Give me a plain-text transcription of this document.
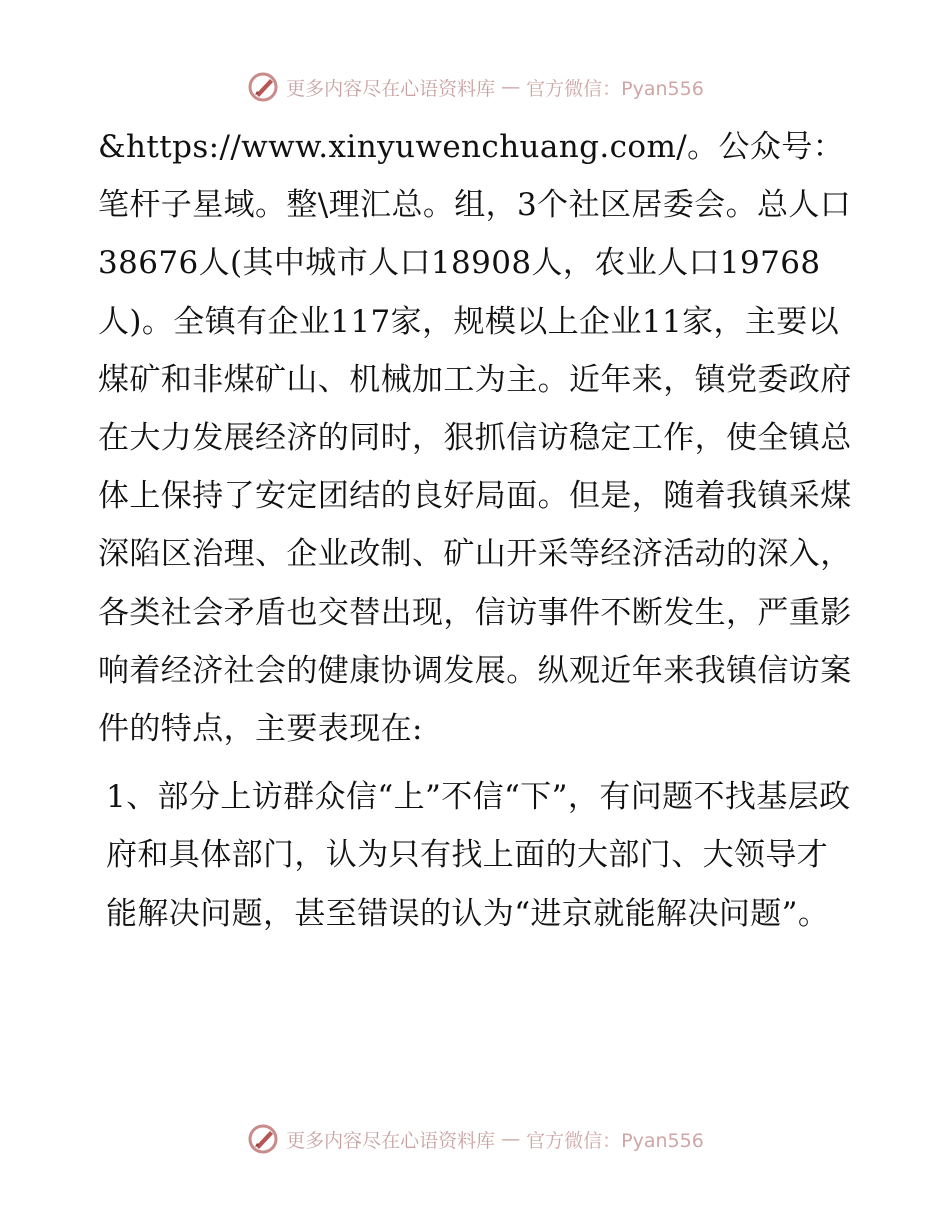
更多内容尽在心语资料库 — 官方微信：Pyan556

&https://www.xinyuwenchuang.com/。公众号：笔杆子星域。整\理汇总。组，3个社区居委会。总人口38676人(其中城市人口18908人，农业人口19768人)。全镇有企业117家，规模以上企业11家，主要以煤矿和非煤矿山、机械加工为主。近年来，镇党委政府在大力发展经济的同时，狠抓信访稳定工作，使全镇总体上保持了安定团结的良好局面。但是，随着我镇采煤深陷区治理、企业改制、矿山开采等经济活动的深入，各类社会矛盾也交替出现，信访事件不断发生，严重影响着经济社会的健康协调发展。纵观近年来我镇信访案件的特点，主要表现在:

1、部分上访群众信“上”不信“下”，有问题不找基层政府和具体部门，认为只有找上面的大部门、大领导才能解决问题，甚至错误的认为“进京就能解决问题”。

更多内容尽在心语资料库 — 官方微信：Pyan556
